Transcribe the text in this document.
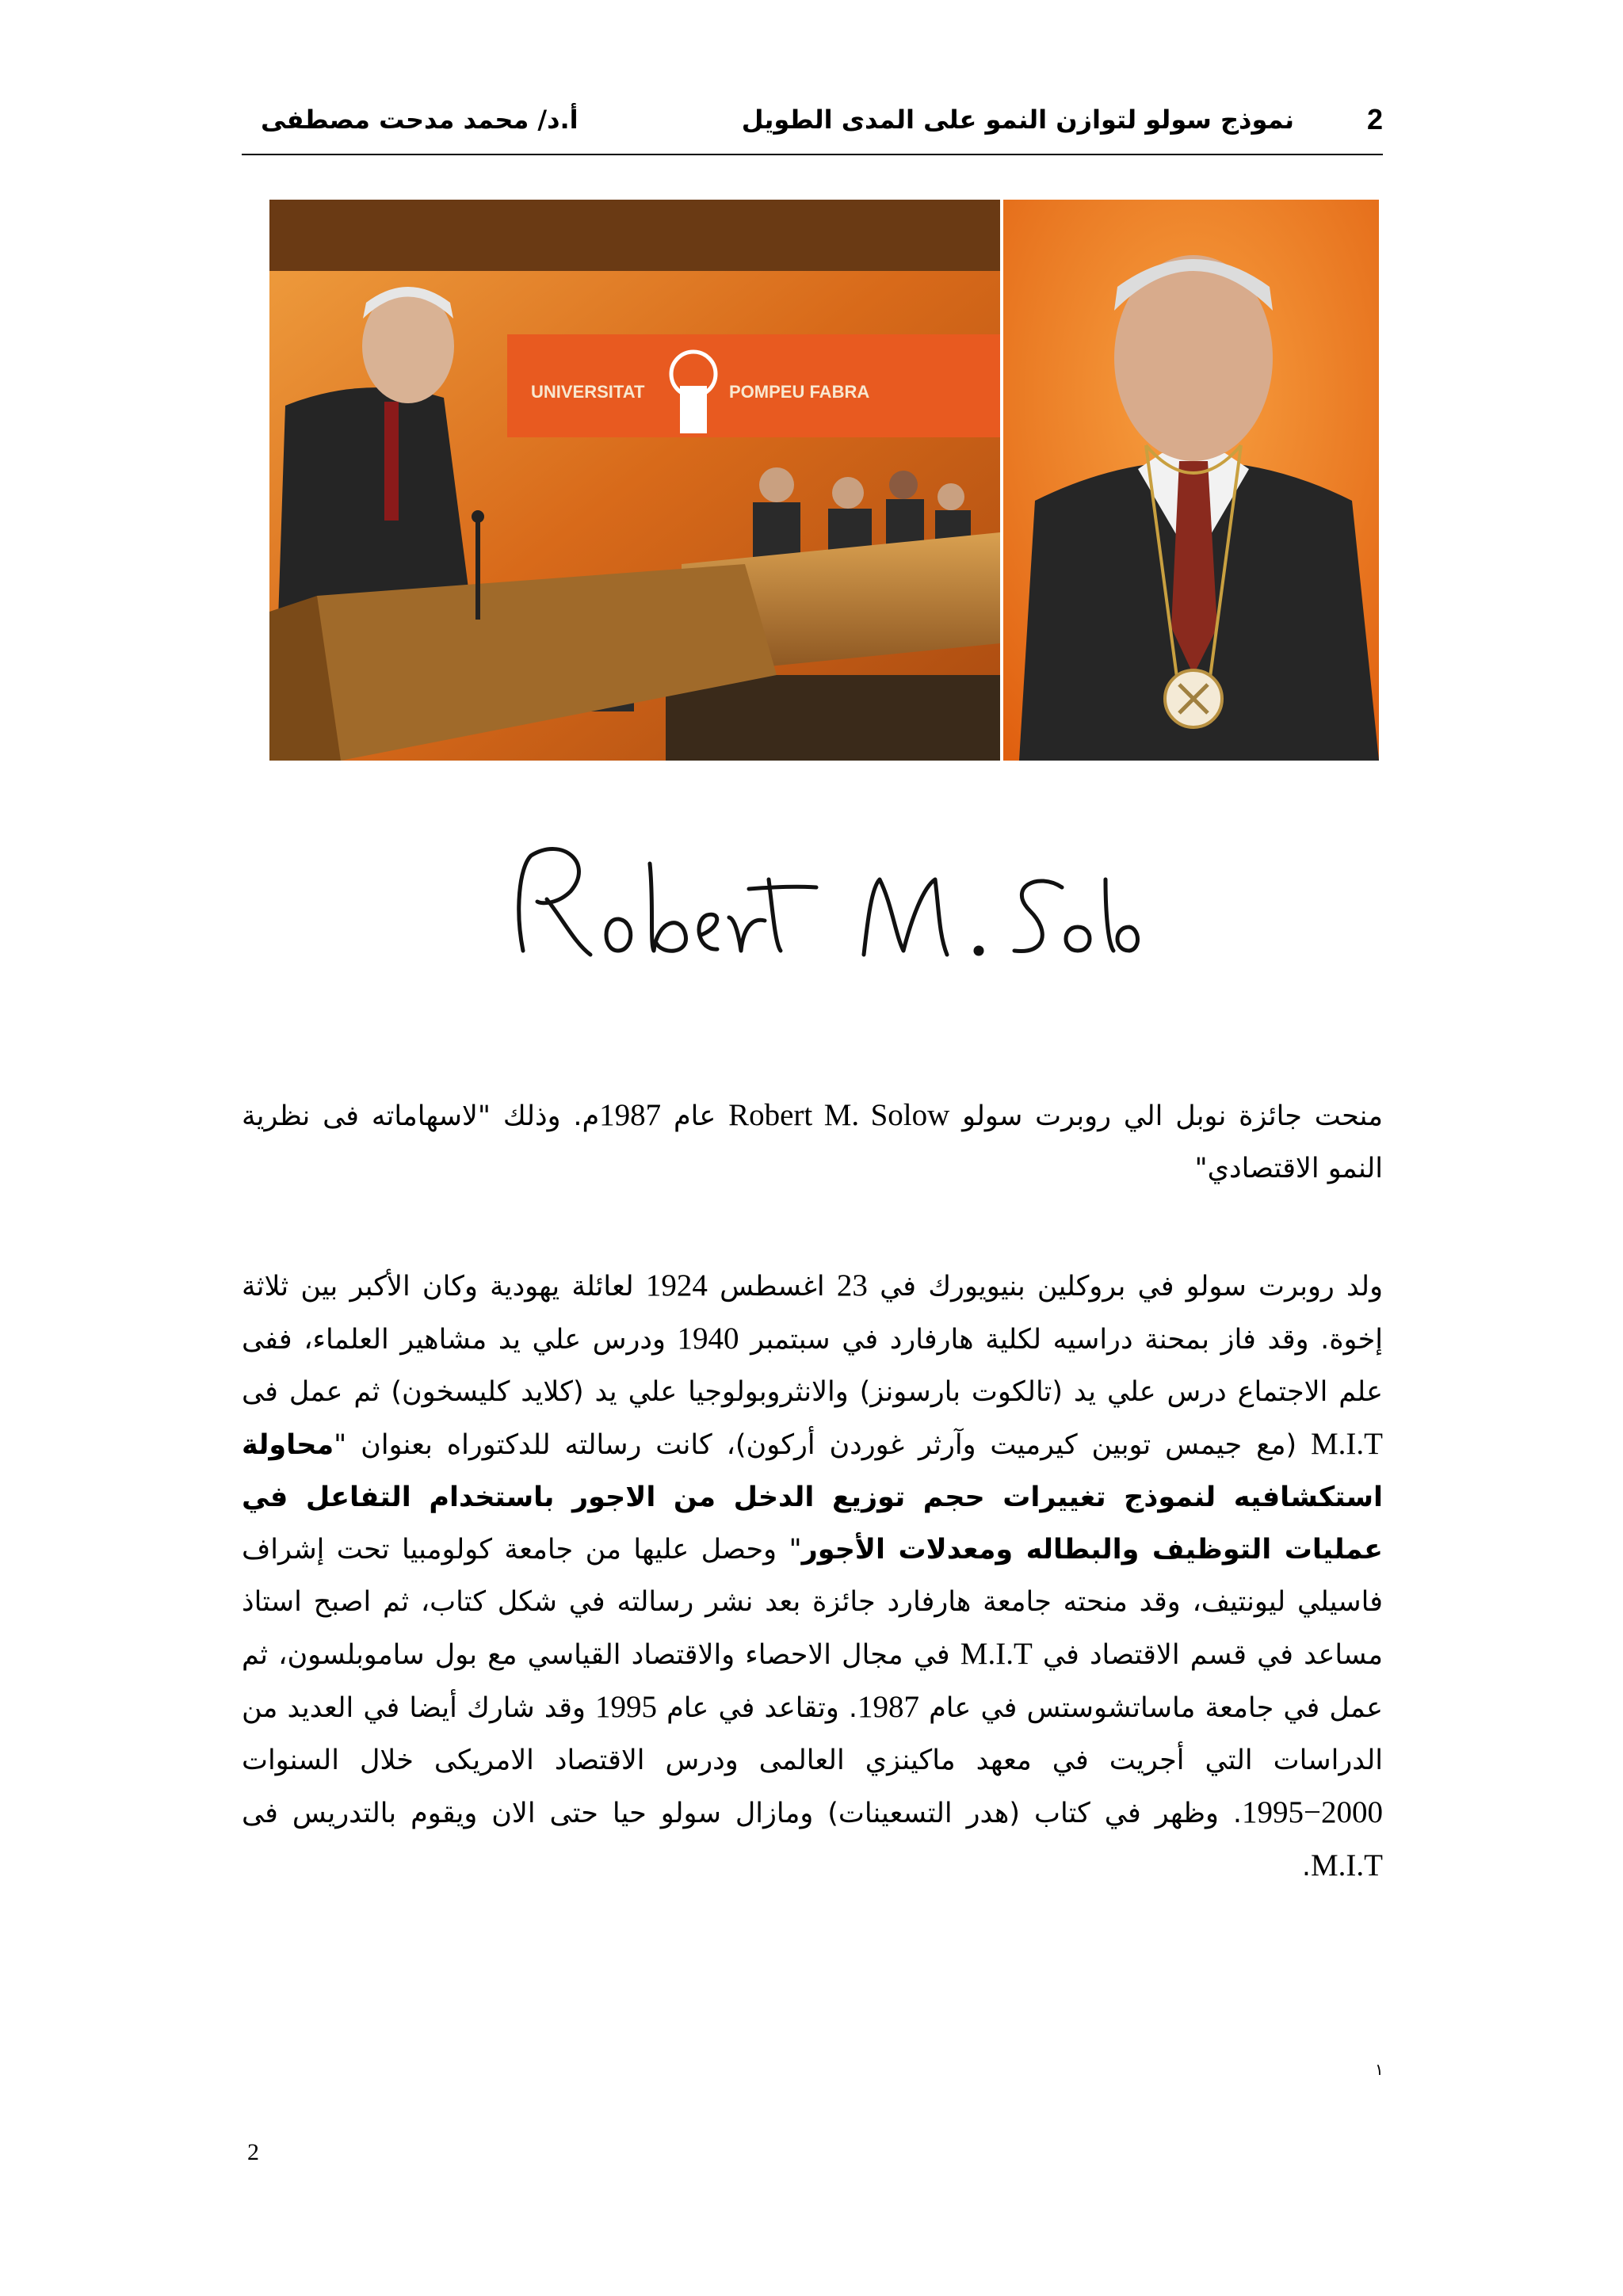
2
نموذج سولو لتوازن النمو على المدى الطويل
أ.د/ محمد مدحت مصطفى
UNIVERSITAT	POMPEU FABRA

منحت جائزة نوبل الي روبرت سولو Robert M. Solow عام 1987م. وذلك "لاسهاماته فى نظرية النمو الاقتصادي"

ولد روبرت سولو في بروكلين بنيويورك في 23 اغسطس 1924 لعائلة يهودية وكان الأكبر بين ثلاثة إخوة. وقد فاز بمحنة دراسيه لكلية هارفارد في سبتمبر 1940 ودرس علي يد مشاهير العلماء، ففى علم الاجتماع درس علي يد (تالكوت بارسونز) والانثروبولوجيا علي يد (كلايد كليسخون) ثم عمل فى M.I.T (مع جيمس توبين كيرميت وآرثر غوردن أركون)، كانت رسالته للدكتوراه بعنوان "محاولة استكشافيه لنموذج تغييرات حجم توزيع الدخل من الاجور باستخدام التفاعل في عمليات التوظيف والبطاله ومعدلات الأجور" وحصل عليها من جامعة كولومبيا تحت إشراف فاسيلي ليونتيف، وقد منحته جامعة هارفارد جائزة بعد نشر رسالته في شكل كتاب، ثم اصبح استاذ مساعد في قسم الاقتصاد في M.I.T في مجال الاحصاء والاقتصاد القياسي مع بول ساموبلسون، ثم عمل في جامعة ماساتشوستس في عام 1987. وتقاعد في عام 1995 وقد شارك أيضا في العديد من الدراسات التي أجريت في معهد ماكينزي العالمى ودرس الاقتصاد الامريكى خلال السنوات 1995−2000. وظهر في كتاب (هدر التسعينات) ومازال سولو حيا حتى الان ويقوم بالتدريس فى M.I.T.

١
2
